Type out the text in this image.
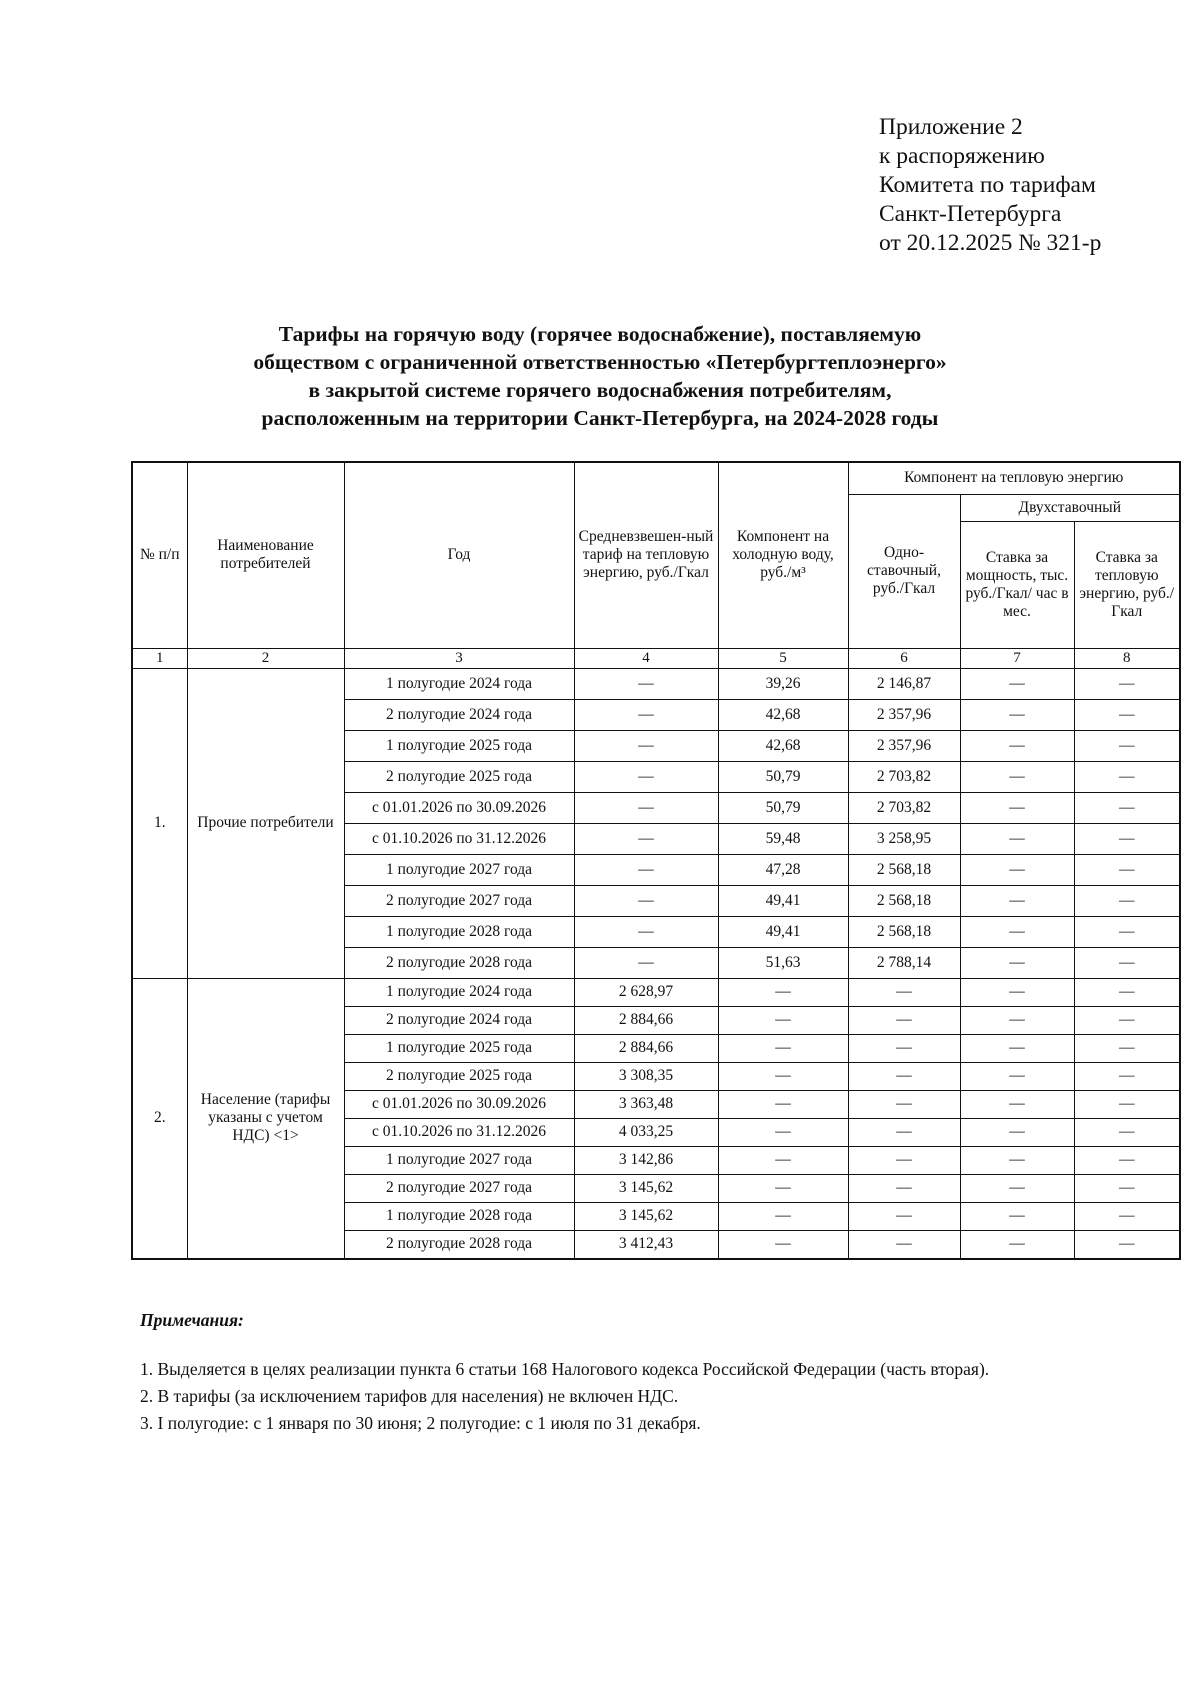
Приложение 2
к распоряжению
Комитета по тарифам
Санкт-Петербурга
от 20.12.2025 № 321-р
Тарифы на горячую воду (горячее водоснабжение), поставляемую
обществом с ограниченной ответственностью «Петербургтеплоэнерго»
в закрытой системе горячего водоснабжения потребителям,
расположенным на территории Санкт-Петербурга, на 2024-2028 годы
№ п/п	Наименование потребителей	Год	Средневзвешен-ный тариф на тепловую энергию, руб./Гкал	Компонент на холодную воду, руб./м³	Компонент на тепловую энергию		
					Одно-ставочный, руб./Гкал	Двухставочный	
						Ставка за мощность, тыс. руб./Гкал/ час в мес.	Ставка за тепловую энергию, руб./Гкал
1	2	3	4	5	6	7	8
1.	Прочие потребители	1 полугодие 2024 года	—	39,26	2 146,87	—	—
		2 полугодие 2024 года	—	42,68	2 357,96	—	—
		1 полугодие 2025 года	—	42,68	2 357,96	—	—
		2 полугодие 2025 года	—	50,79	2 703,82	—	—
		с 01.01.2026 по 30.09.2026	—	50,79	2 703,82	—	—
		с 01.10.2026 по 31.12.2026	—	59,48	3 258,95	—	—
		1 полугодие 2027 года	—	47,28	2 568,18	—	—
		2 полугодие 2027 года	—	49,41	2 568,18	—	—
		1 полугодие 2028 года	—	49,41	2 568,18	—	—
		2 полугодие 2028 года	—	51,63	2 788,14	—	—
2.	Население (тарифы указаны с учетом НДС) <1>	1 полугодие 2024 года	2 628,97	—	—	—	—
		2 полугодие 2024 года	2 884,66	—	—	—	—
		1 полугодие 2025 года	2 884,66	—	—	—	—
		2 полугодие 2025 года	3 308,35	—	—	—	—
		с 01.01.2026 по 30.09.2026	3 363,48	—	—	—	—
		с 01.10.2026 по 31.12.2026	4 033,25	—	—	—	—
		1 полугодие 2027 года	3 142,86	—	—	—	—
		2 полугодие 2027 года	3 145,62	—	—	—	—
		1 полугодие 2028 года	3 145,62	—	—	—	—
		2 полугодие 2028 года	3 412,43	—	—	—	—
Примечания:
1. Выделяется в целях реализации пункта 6 статьи 168 Налогового кодекса Российской Федерации (часть вторая).
2. В тарифы (за исключением тарифов для населения) не включен НДС.
3. I полугодие: с 1 января по 30 июня; 2 полугодие: с 1 июля по 31 декабря.
